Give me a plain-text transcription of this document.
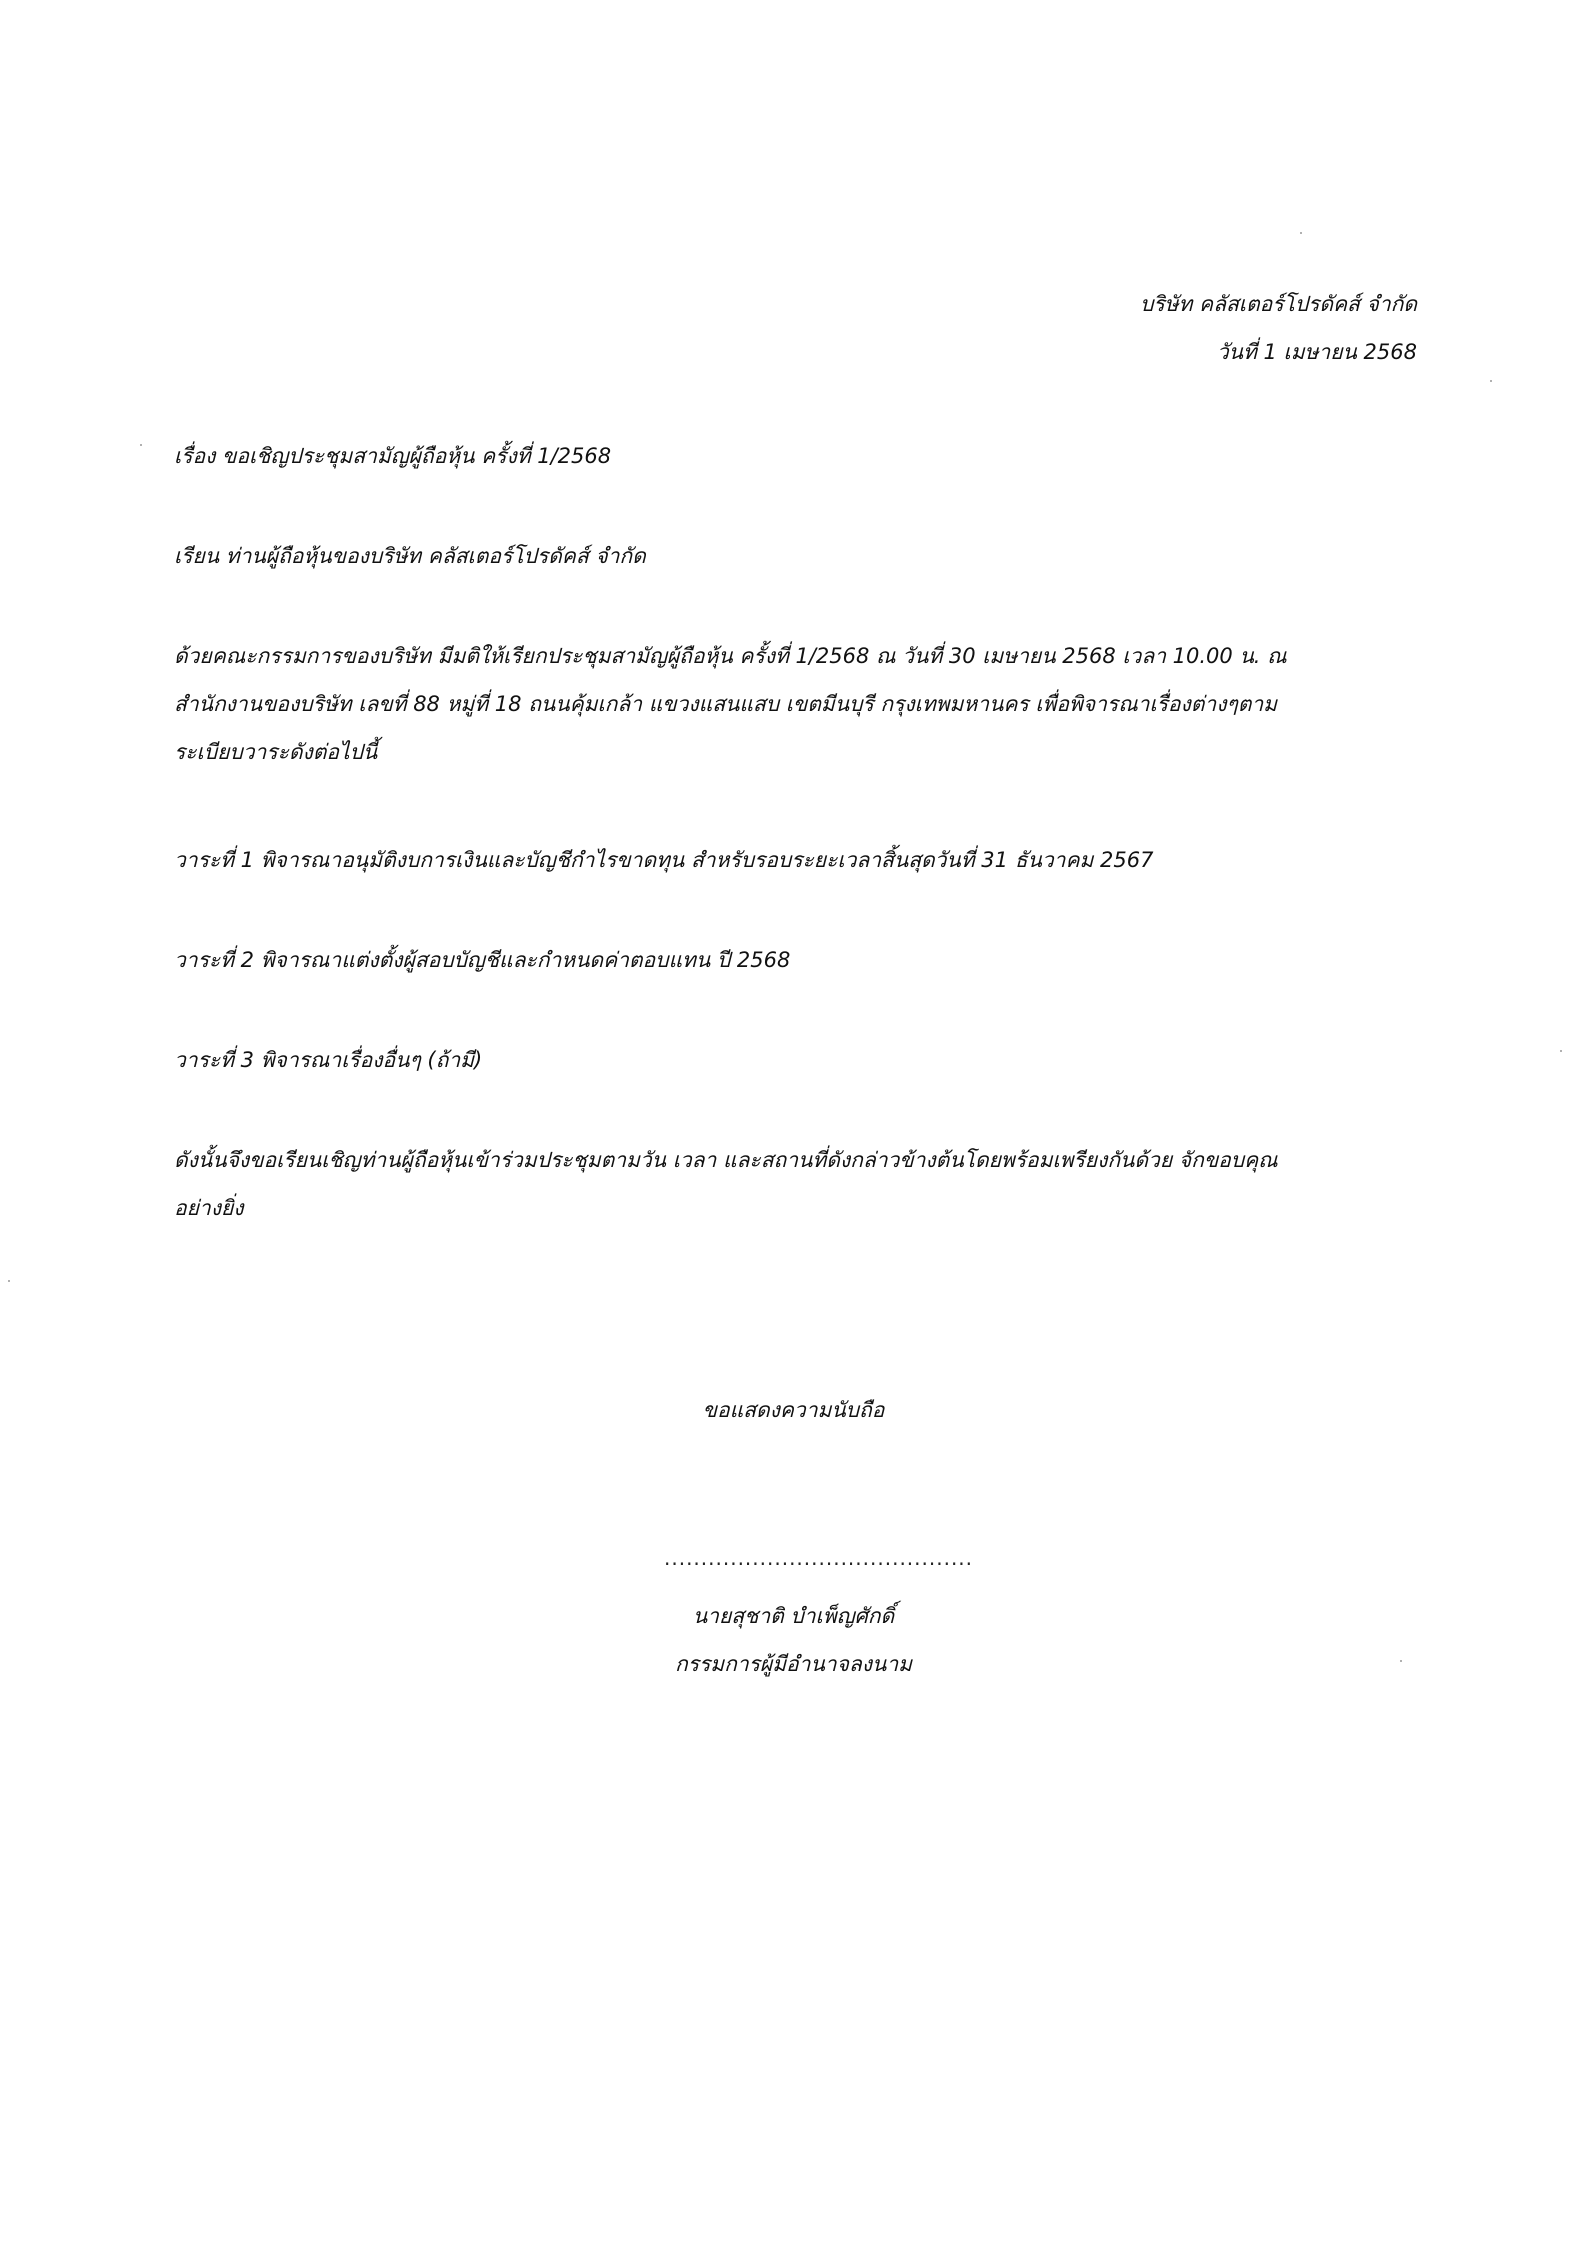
บริษัท คลัสเตอร์โปรดัคส์ จำกัด
วันที่ 1 เมษายน 2568
เรื่อง ขอเชิญประชุมสามัญผู้ถือหุ้น ครั้งที่ 1/2568
เรียน ท่านผู้ถือหุ้นของบริษัท คลัสเตอร์โปรดัคส์ จำกัด
ด้วยคณะกรรมการของบริษัท มีมติให้เรียกประชุมสามัญผู้ถือหุ้น ครั้งที่ 1/2568 ณ วันที่ 30 เมษายน 2568 เวลา 10.00 น. ณ
สำนักงานของบริษัท เลขที่ 88 หมู่ที่ 18 ถนนคุ้มเกล้า แขวงแสนแสบ เขตมีนบุรี กรุงเทพมหานคร เพื่อพิจารณาเรื่องต่างๆตาม
ระเบียบวาระดังต่อไปนี้
วาระที่ 1 พิจารณาอนุมัติงบการเงินและบัญชีกำไรขาดทุน สำหรับรอบระยะเวลาสิ้นสุดวันที่ 31 ธันวาคม 2567
วาระที่ 2 พิจารณาแต่งตั้งผู้สอบบัญชีและกำหนดค่าตอบแทน ปี 2568
วาระที่ 3 พิจารณาเรื่องอื่นๆ (ถ้ามี)
ดังนั้นจึงขอเรียนเชิญท่านผู้ถือหุ้นเข้าร่วมประชุมตามวัน เวลา และสถานที่ดังกล่าวข้างต้นโดยพร้อมเพรียงกันด้วย จักขอบคุณ
อย่างยิ่ง
ขอแสดงความนับถือ
..........................................
นายสุชาติ บำเพ็ญศักดิ์
กรรมการผู้มีอำนาจลงนาม
